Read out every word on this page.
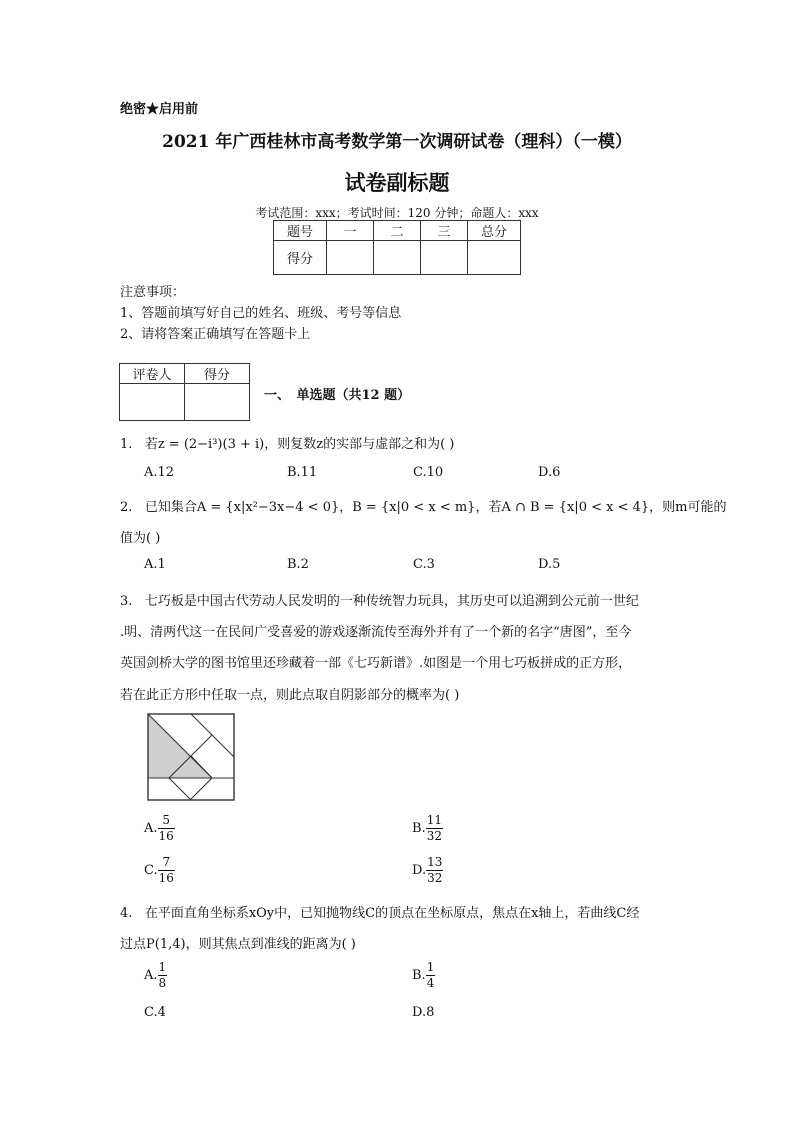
绝密★启用前
2021 年广西桂林市高考数学第一次调研试卷（理科）（一模）
试卷副标题
考试范围：xxx；考试时间：120 分钟；命题人：xxx
题号	一	二	三	总分
得分				
注意事项：
1、答题前填写好自己的姓名、班级、考号等信息
2、请将答案正确填写在答题卡上
评卷人	得分

一、　单选题（共12 题）
1. 若z = (2−i³)(3 + i)，则复数z的实部与虚部之和为( )
A.12	B.11	C.10	D.6
2. 已知集合A = {x|x²−3x−4 < 0}，B = {x|0 < x < m}，若A ∩ B = {x|0 < x < 4}，则m可能的
值为( )
A.1	B.2	C.3	D.5
3. 七巧板是中国古代劳动人民发明的一种传统智力玩具，其历史可以追溯到公元前一世纪
.明、清两代这一在民间广受喜爱的游戏逐渐流传至海外并有了一个新的名字“唐图”，至今
英国剑桥大学的图书馆里还珍藏着一部《七巧新谱》.如图是一个用七巧板拼成的正方形，
若在此正方形中任取一点，则此点取自阴影部分的概率为( )
A. $\frac{5}{16}$	B. $\frac{11}{32}$
C. $\frac{7}{16}$	D. $\frac{13}{32}$
4. 在平面直角坐标系xOy中，已知抛物线C的顶点在坐标原点，焦点在x轴上，若曲线C经
过点P(1,4)，则其焦点到准线的距离为( )
A. $\frac{1}{8}$	B. $\frac{1}{4}$
C.4	D.8
